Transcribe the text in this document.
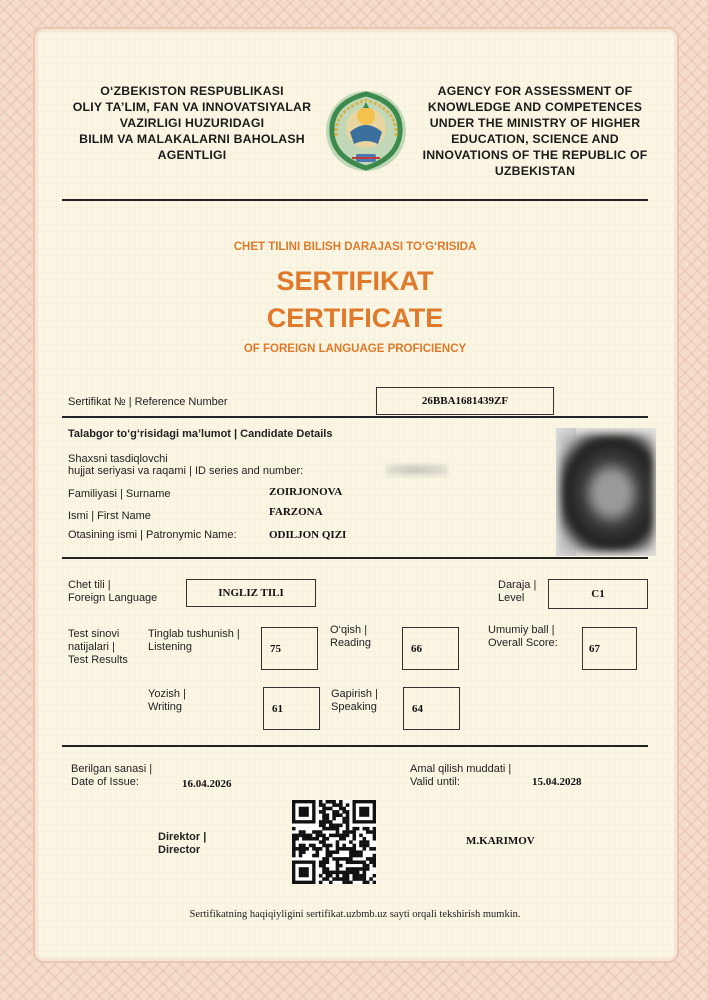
O‘ZBEKISTON RESPUBLIKASI
OLIY TA’LIM, FAN VA INNOVATSIYALAR
VAZIRLIGI HUZURIDAGI
BILIM VA MALAKALARNI BAHOLASH
AGENTLIGI
AGENCY FOR ASSESSMENT OF
KNOWLEDGE AND COMPETENCES
UNDER THE MINISTRY OF HIGHER
EDUCATION, SCIENCE AND
INNOVATIONS OF THE REPUBLIC OF
UZBEKISTAN
CHET TILINI BILISH DARAJASI TO‘G‘RISIDA
SERTIFIKAT
CERTIFICATE
OF FOREIGN LANGUAGE PROFICIENCY
Sertifikat № | Reference Number	26BBA1681439ZF
Talabgor to‘g‘risidagi ma’lumot | Candidate Details
Shaxsni tasdiqlovchi
hujjat seriyasi va raqami | ID series and number:
Familiyasi | Surname	ZOIRJONOVA
Ismi | First Name	FARZONA
Otasining ismi | Patronymic Name:	ODILJON QIZI
Chet tili |
Foreign Language	INGLIZ TILI
Daraja |
Level	C1
Test sinovi
natijalari |
Test Results
Tinglab tushunish |
Listening	75
O‘qish |
Reading	66
Umumiy ball |
Overall Score:	67
Yozish |
Writing	61
Gapirish |
Speaking	64
Berilgan sanasi |
Date of Issue:	16.04.2026
Amal qilish muddati |
Valid until:	15.04.2028
Direktor |
Director
M.KARIMOV
Sertifikatning haqiqiyligini sertifikat.uzbmb.uz sayti orqali tekshirish mumkin.
